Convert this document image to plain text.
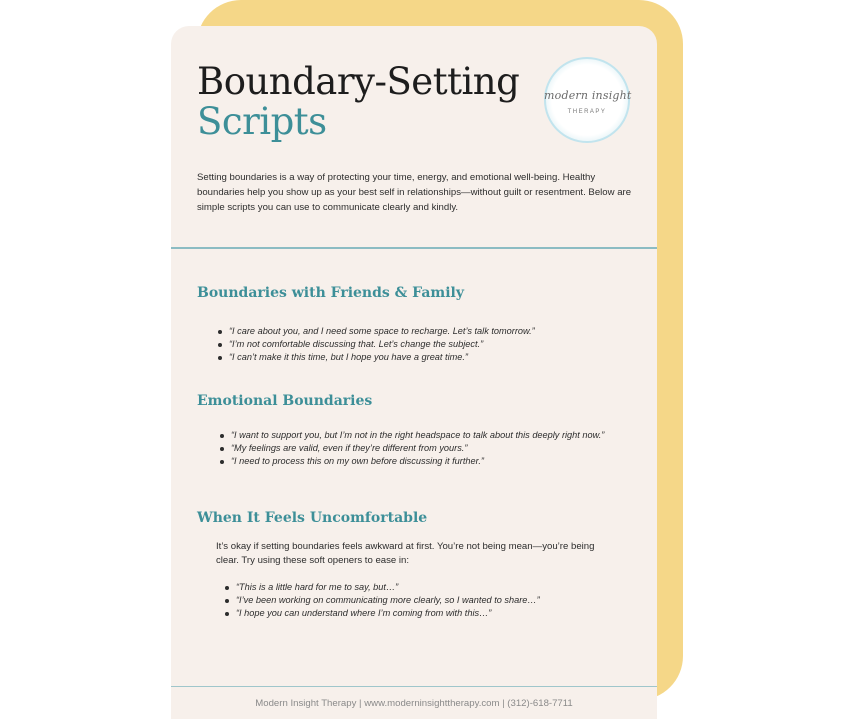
Boundary-Setting
Scripts
modern insight
THERAPY

Setting boundaries is a way of protecting your time, energy, and emotional well-being. Healthy boundaries help you show up as your best self in relationships—without guilt or resentment. Below are simple scripts you can use to communicate clearly and kindly.

Boundaries with Friends & Family
“I care about you, and I need some space to recharge. Let’s talk tomorrow.”
“I’m not comfortable discussing that. Let’s change the subject.”
“I can’t make it this time, but I hope you have a great time.”
Emotional Boundaries
“I want to support you, but I’m not in the right headspace to talk about this deeply right now.”
“My feelings are valid, even if they’re different from yours.”
“I need to process this on my own before discussing it further.”
When It Feels Uncomfortable

It’s okay if setting boundaries feels awkward at first. You’re not being mean—you’re being clear. Try using these soft openers to ease in:

“This is a little hard for me to say, but…”
“I’ve been working on communicating more clearly, so I wanted to share…”
“I hope you can understand where I’m coming from with this…”
Modern Insight Therapy | www.moderninsighttherapy.com | (312)-618-7711
